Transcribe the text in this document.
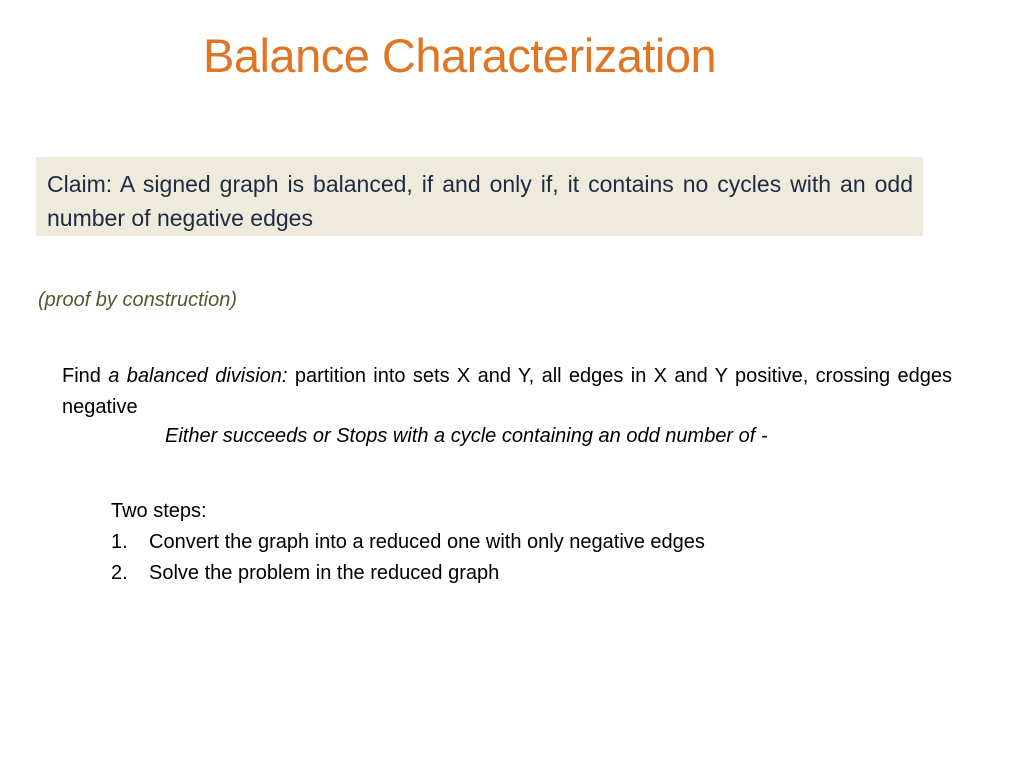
Balance Characterization

Claim: A signed graph is balanced, if and only if, it contains no cycles with an odd number of negative edges

(proof by construction)

Find a balanced division: partition into sets X and Y, all edges in X and Y positive, crossing edges negative

Either succeeds or Stops with a cycle containing an odd number of -

Two steps:

1.	Convert the graph into a reduced one with only negative edges
2.	Solve the problem in the reduced graph
